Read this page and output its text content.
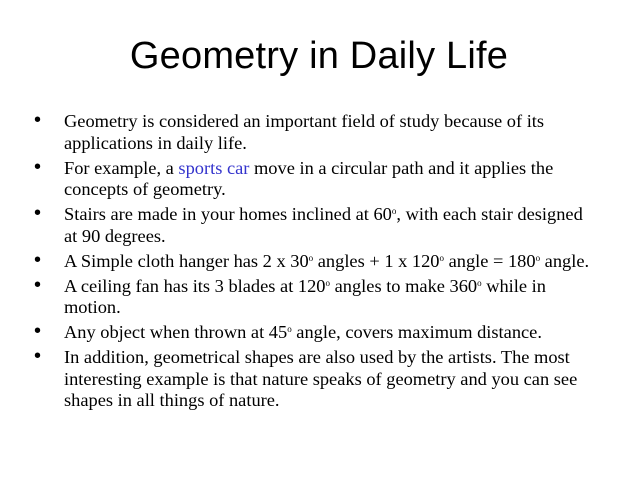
Geometry in Daily Life
• Geometry is considered an important field of study because of its applications in daily life.
• For example, a sports car move in a circular path and it applies the concepts of geometry.
• Stairs are made in your homes inclined at 60$^o$, with each stair designed at 90 degrees.
• A Simple cloth hanger has 2 x 30$^o$ angles + 1 x 120$^o$ angle = $180^o$ angle.
• A ceiling fan has its 3 blades at 120$^o$ angles to make 360$^o$ while in motion.
• Any object when thrown at 45$^o$ angle, covers maximum distance.
• In addition, geometrical shapes are also used by the artists. The most interesting example is that nature speaks of geometry and you can see shapes in all things of nature.
